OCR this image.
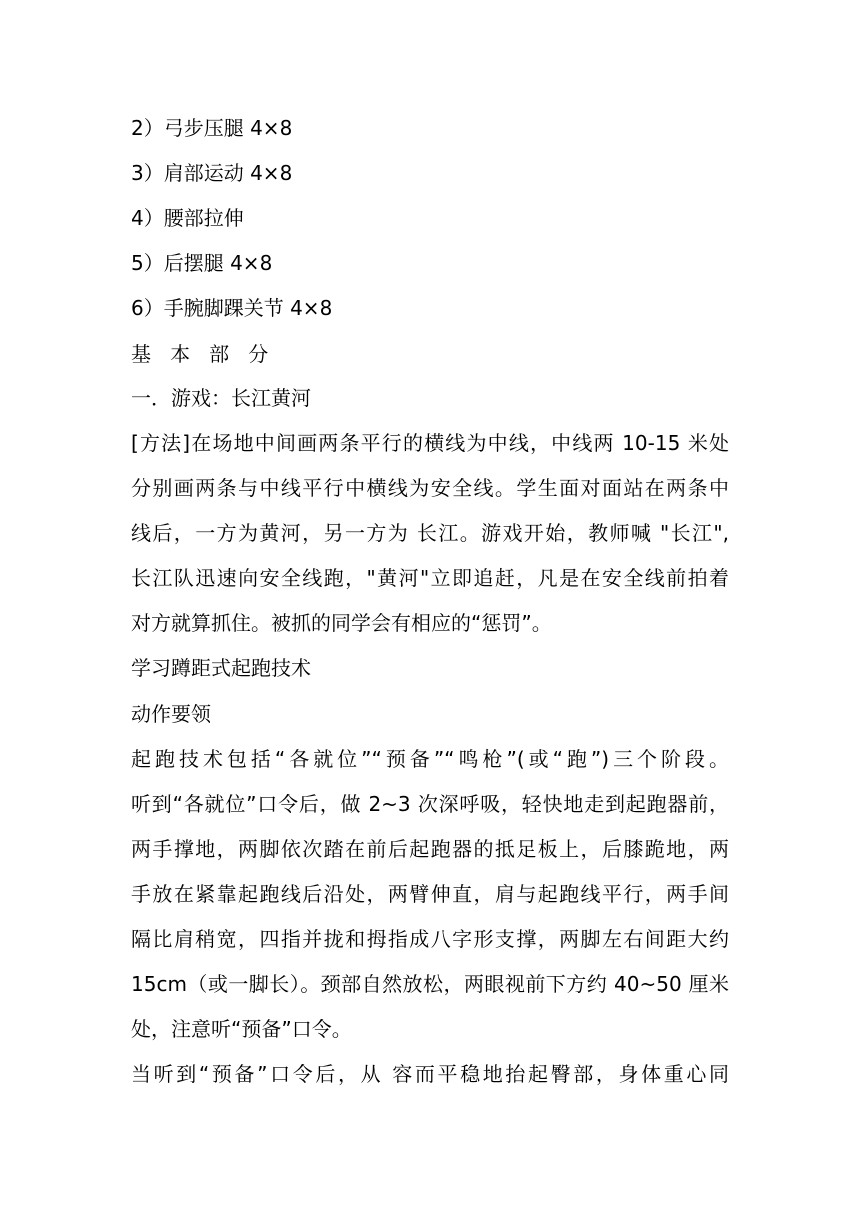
2）弓步压腿 4×8
3）肩部运动 4×8
4）腰部拉伸
5）后摆腿 4×8
6）手腕脚踝关节 4×8
基   本   部   分
一．游戏：长江黄河
[方法]在场地中间画两条平行的横线为中线，中线两 10-15 米处
分别画两条与中线平行中横线为安全线。学生面对面站在两条中
线后，一方为黄河，另一方为 长江。游戏开始，教师喊 "长江",
长江队迅速向安全线跑，"黄河"立即追赶，凡是在安全线前拍着
对方就算抓住。被抓的同学会有相应的“惩罚”。
学习蹲距式起跑技术
动作要领
起跑技术包括“各就位”“预备”“鸣枪”(或“跑”)三个阶段。
听到“各就位”口令后，做 2~3 次深呼吸，轻快地走到起跑器前，
两手撑地，两脚依次踏在前后起跑器的抵足板上，后膝跪地，两
手放在紧靠起跑线后沿处，两臂伸直，肩与起跑线平行，两手间
隔比肩稍宽，四指并拢和拇指成八字形支撑，两脚左右间距大约
15cm（或一脚长）。颈部自然放松，两眼视前下方约 40~50 厘米
处，注意听“预备”口令。
当听到“预备”口令后，从 容而平稳地抬起臀部，身体重心同
